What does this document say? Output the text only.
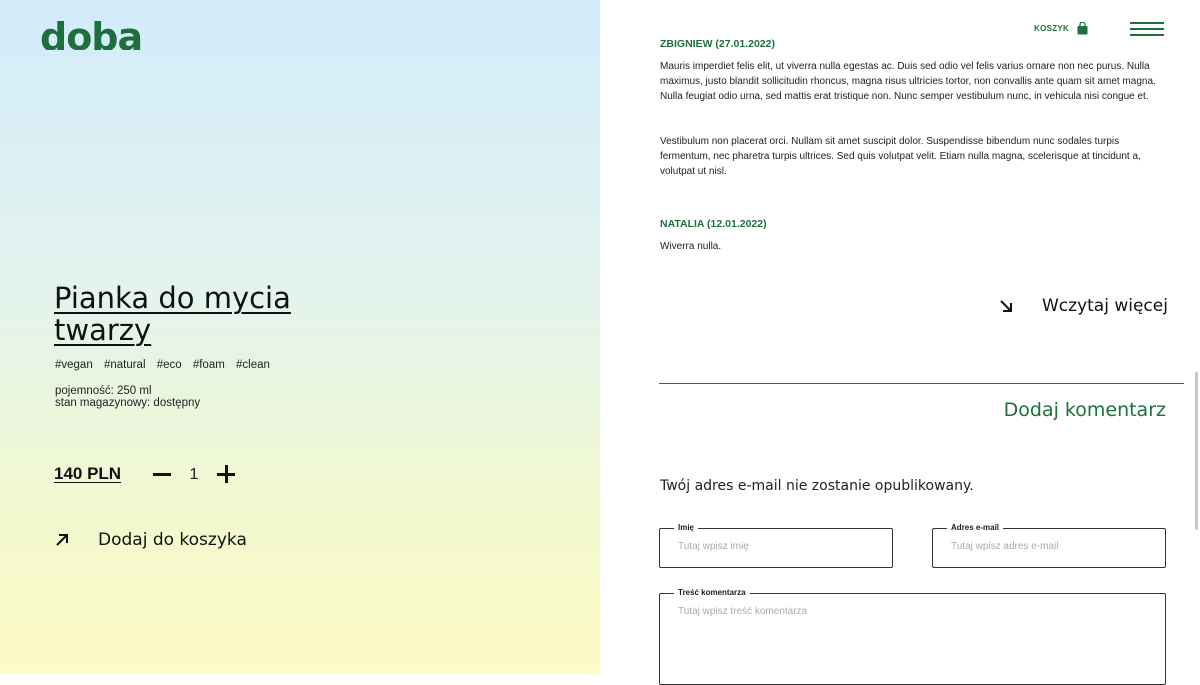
doba
Pianka do mycia twarzy
#vegan #natural #eco #foam #clean
pojemność: 250 ml
stan magazynowy: dostępny
140 PLN	1
Dodaj do koszyka
KOSZYK
ZBIGNIEW (27.01.2022)

Mauris imperdiet felis elit, ut viverra nulla egestas ac. Duis sed odio vel felis varius ornare non nec purus. Nulla maximus, justo blandit sollicitudin rhoncus, magna risus ultricies tortor, non convallis ante quam sit amet magna. Nulla feugiat odio urna, sed mattis erat tristique non. Nunc semper vestibulum nunc, in vehicula nisi congue et.

Vestibulum non placerat orci. Nullam sit amet suscipit dolor. Suspendisse bibendum nunc sodales turpis fermentum, nec pharetra turpis ultrices. Sed quis volutpat velit. Etiam nulla magna, scelerisque at tincidunt a, volutpat ut nisl.

NATALIA (12.01.2022)

Wiverra nulla.

Wczytaj więcej
Dodaj komentarz
Twój adres e-mail nie zostanie opublikowany.
Imię
Tutaj wpisz imię	Adres e-mail
Tutaj wpisz adres e-mail
Treść komentarza
Tutaj wpisz treść komentarza
